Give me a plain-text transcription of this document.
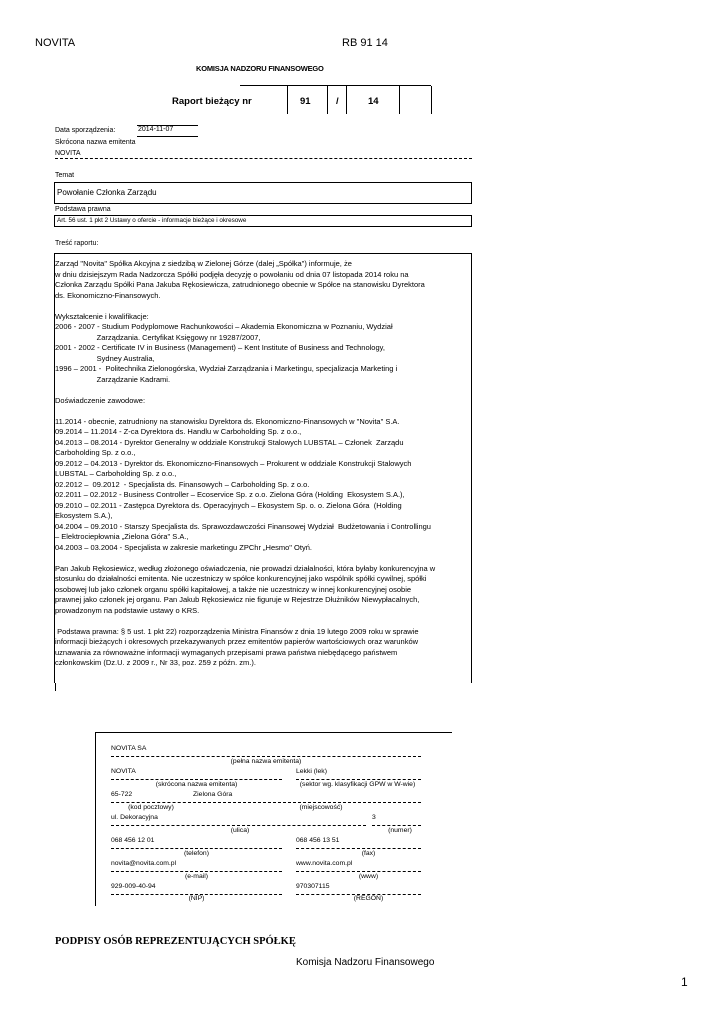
NOVITA	RB 91 14
KOMISJA NADZORU FINANSOWEGO
Raport bieżący nr	91	/	14
Data sporządzenia:	2014-11-07
Skrócona nazwa emitenta
NOVITA
Temat
Powołanie Członka Zarządu
Podstawa prawna
Art. 56 ust. 1 pkt 2 Ustawy o ofercie - informacje bieżące i okresowe
Treść raportu:
Zarząd "Novita" Spółka Akcyjna z siedzibą w Zielonej Górze (dalej „Spółka") informuje, że
w dniu dzisiejszym Rada Nadzorcza Spółki podjęła decyzję o powołaniu od dnia 07 listopada 2014 roku na
Członka Zarządu Spółki Pana Jakuba Rękosiewicza, zatrudnionego obecnie w Spółce na stanowisku Dyrektora
ds. Ekonomiczno-Finansowych.
Wykształcenie i kwalifikacje:
2006 - 2007 - Studium Podyplomowe Rachunkowości – Akademia Ekonomiczna w Poznaniu, Wydział
Zarządzania. Certyfikat Księgowy nr 19287/2007,
2001 - 2002 - Certificate IV in Business (Management) – Kent Institute of Business and Technology,
Sydney Australia,
1996 – 2001 -  Politechnika Zielonogórska, Wydział Zarządzania i Marketingu, specjalizacja Marketing i
Zarządzanie Kadrami.
Doświadczenie zawodowe:
11.2014 - obecnie, zatrudniony na stanowisku Dyrektora ds. Ekonomiczno-Finansowych w "Novita" S.A.
09.2014 – 11.2014 - Z-ca Dyrektora ds. Handlu w Carboholding Sp. z o.o.,
04.2013 – 08.2014 - Dyrektor Generalny w oddziale Konstrukcji Stalowych LUBSTAL – Członek  Zarządu
Carboholding Sp. z o.o.,
09.2012 – 04.2013 - Dyrektor ds. Ekonomiczno-Finansowych – Prokurent w oddziale Konstrukcji Stalowych
LUBSTAL – Carboholding Sp. z o.o.,
02.2012 –  09.2012  - Specjalista ds. Finansowych – Carboholding Sp. z o.o.
02.2011 – 02.2012 - Business Controller – Ecoservice Sp. z o.o. Zielona Góra (Holding  Ekosystem S.A.),
09.2010 – 02.2011 - Zastępca Dyrektora ds. Operacyjnych – Ekosystem Sp. o. o. Zielona Góra  (Holding
Ekosystem S.A.),
04.2004 – 09.2010 - Starszy Specjalista ds. Sprawozdawczości Finansowej Wydział  Budżetowania i Controllingu
– Elektrociepłownia „Zielona Góra" S.A.,
04.2003 – 03.2004 - Specjalista w zakresie marketingu ZPChr „Hesmo" Otyń.
Pan Jakub Rękosiewicz, według złożonego oświadczenia, nie prowadzi działalności, która byłaby konkurencyjna w
stosunku do działalności emitenta. Nie uczestniczy w spółce konkurencyjnej jako wspólnik spółki cywilnej, spółki
osobowej lub jako członek organu spółki kapitałowej, a także nie uczestniczy w innej konkurencyjnej osobie
prawnej jako członek jej organu. Pan Jakub Rękosiewicz nie figuruje w Rejestrze Dłużników Niewypłacalnych,
prowadzonym na podstawie ustawy o KRS.
Podstawa prawna: § 5 ust. 1 pkt 22) rozporządzenia Ministra Finansów z dnia 19 lutego 2009 roku w sprawie
informacji bieżących i okresowych przekazywanych przez emitentów papierów wartościowych oraz warunków
uznawania za równoważne informacji wymaganych przepisami prawa państwa niebędącego państwem
członkowskim (Dz.U. z 2009 r., Nr 33, poz. 259 z późn. zm.).
NOVITA SA
(pełna nazwa emitenta)
NOVITA	Lekki (lek)
(skrócona nazwa emitenta)	(sektor wg. klasyfikacji GPW w W-wie)
65-722	Zielona Góra
(kod pocztowy)	(miejscowość)
ul. Dekoracyjna	3
(ulica)	(numer)
068 456 12 01	068 456 13 51
(telefon)	(fax)
novita@novita.com.pl	www.novita.com.pl
(e-mail)	(www)
929-009-40-94	970307115
(NIP)	(REGON)
PODPISY OSÓB REPREZENTUJĄCYCH SPÓŁKĘ
Komisja Nadzoru Finansowego
1
